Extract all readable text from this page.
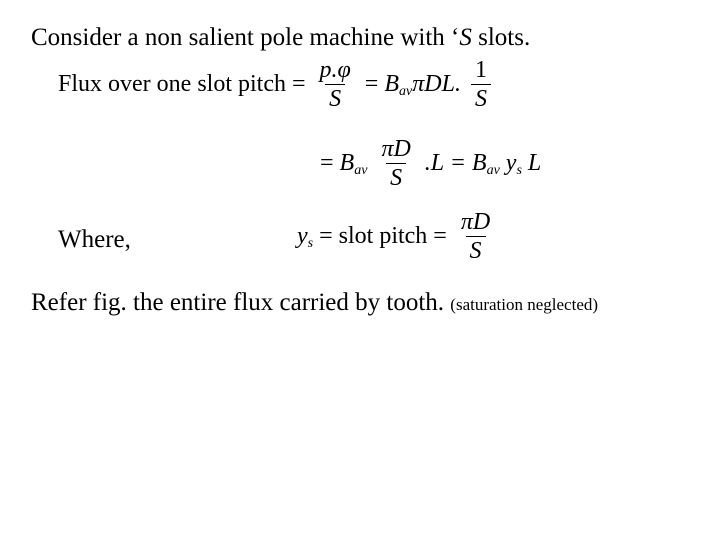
Consider a non salient pole machine with ‘S slots.
Flux over one slot pitch = $\frac{p.\varphi}{S} = Bav\pi DL$. $\frac{1}{S}$
= Bav $\frac{\pi D}{S} .L$ = Bav ys L
Where,	ys = slot pitch = $\frac{\pi D}{S}$
Refer fig. the entire flux carried by tooth. (saturation neglected)
